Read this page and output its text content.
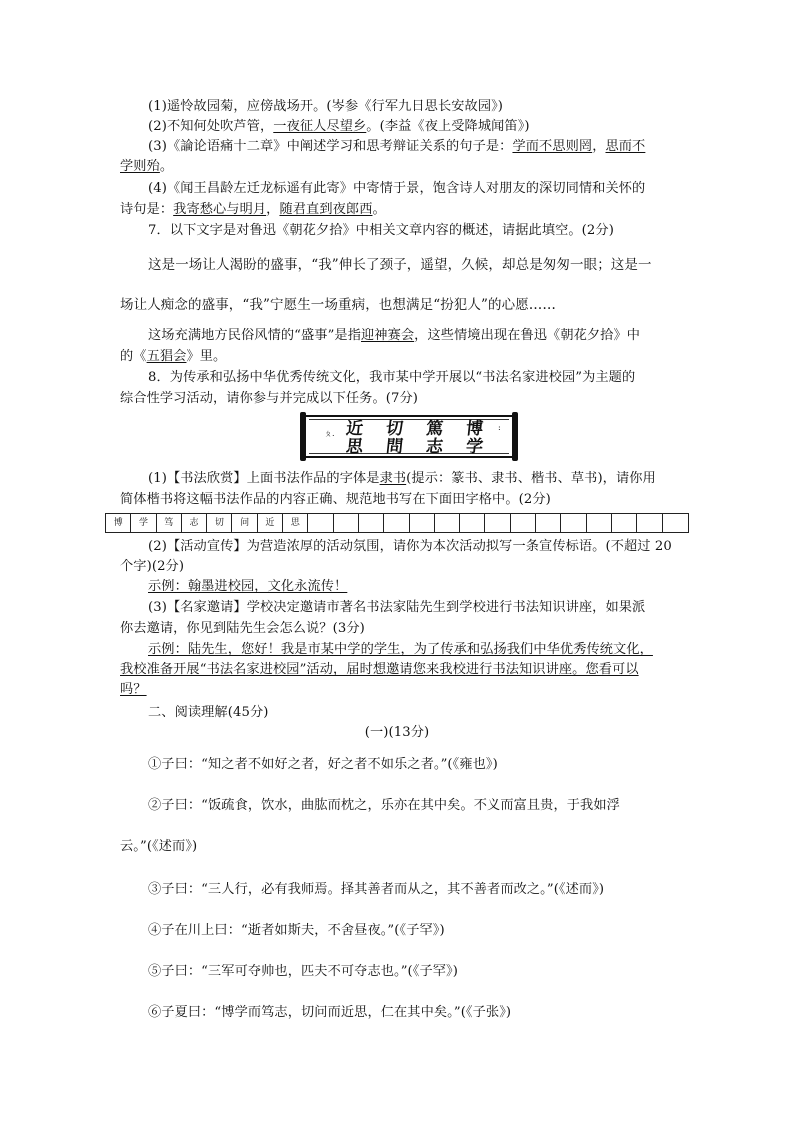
(1)遥怜故园菊，应傍战场开。(岑参《行军九日思长安故园》)
(2)不知何处吹芦管，一夜征人尽望乡。(李益《夜上受降城闻笛》)
(3)《論论语痛十二章》中阐述学习和思考辩证关系的句子是：学而不思则罔，思而不
学则殆。
(4)《闻王昌龄左迁龙标遥有此寄》中寄情于景，饱含诗人对朋友的深切同情和关怀的
诗句是：我寄愁心与明月，随君直到夜郎西。
7．以下文字是对鲁迅《朝花夕拾》中相关文章内容的概述，请据此填空。(2分)
这是一场让人渴盼的盛事，“我”伸长了颈子，遥望，久候，却总是匆匆一眼；这是一
场让人痴念的盛事，“我”宁愿生一场重病，也想满足“扮犯人”的心愿……
这场充满地方民俗风情的“盛事”是指迎神赛会，这些情境出现在鲁迅《朝花夕拾》中
的《五猖会》里。
8．为传承和弘扬中华优秀传统文化，我市某中学开展以“书法名家进校园”为主题的
综合性学习活动，请你参与并完成以下任务。(7分)
ㄆ. 近 切 篤 博 :
思 問 志 学
(1)【书法欣赏】上面书法作品的字体是隶书(提示：篆书、隶书、楷书、草书)，请你用
简体楷书将这幅书法作品的内容正确、规范地书写在下面田字格中。(2分)
博	学	笃	志	切	问	近	思
(2)【活动宣传】为营造浓厚的活动氛围，请你为本次活动拟写一条宣传标语。(不超过 20
个字)(2分)
示例：翰墨进校园，文化永流传！
(3)【名家邀请】学校决定邀请市著名书法家陆先生到学校进行书法知识讲座，如果派
你去邀请，你见到陆先生会怎么说？(3分)
示例：陆先生，您好！我是市某中学的学生，为了传承和弘扬我们中华优秀传统文化，
我校准备开展“书法名家进校园”活动，届时想邀请您来我校进行书法知识讲座。您看可以
吗？
二、阅读理解(45分)
(一)(13分)
①子曰：“知之者不如好之者，好之者不如乐之者。”(《雍也》)
②子曰：“饭疏食，饮水，曲肱而枕之，乐亦在其中矣。不义而富且贵，于我如浮
云。”(《述而》)
③子曰：“三人行，必有我师焉。择其善者而从之，其不善者而改之。”(《述而》)
④子在川上曰：“逝者如斯夫，不舍昼夜。”(《子罕》)
⑤子曰：“三军可夺帅也，匹夫不可夺志也。”(《子罕》)
⑥子夏曰：“博学而笃志，切问而近思，仁在其中矣。”(《子张》)
